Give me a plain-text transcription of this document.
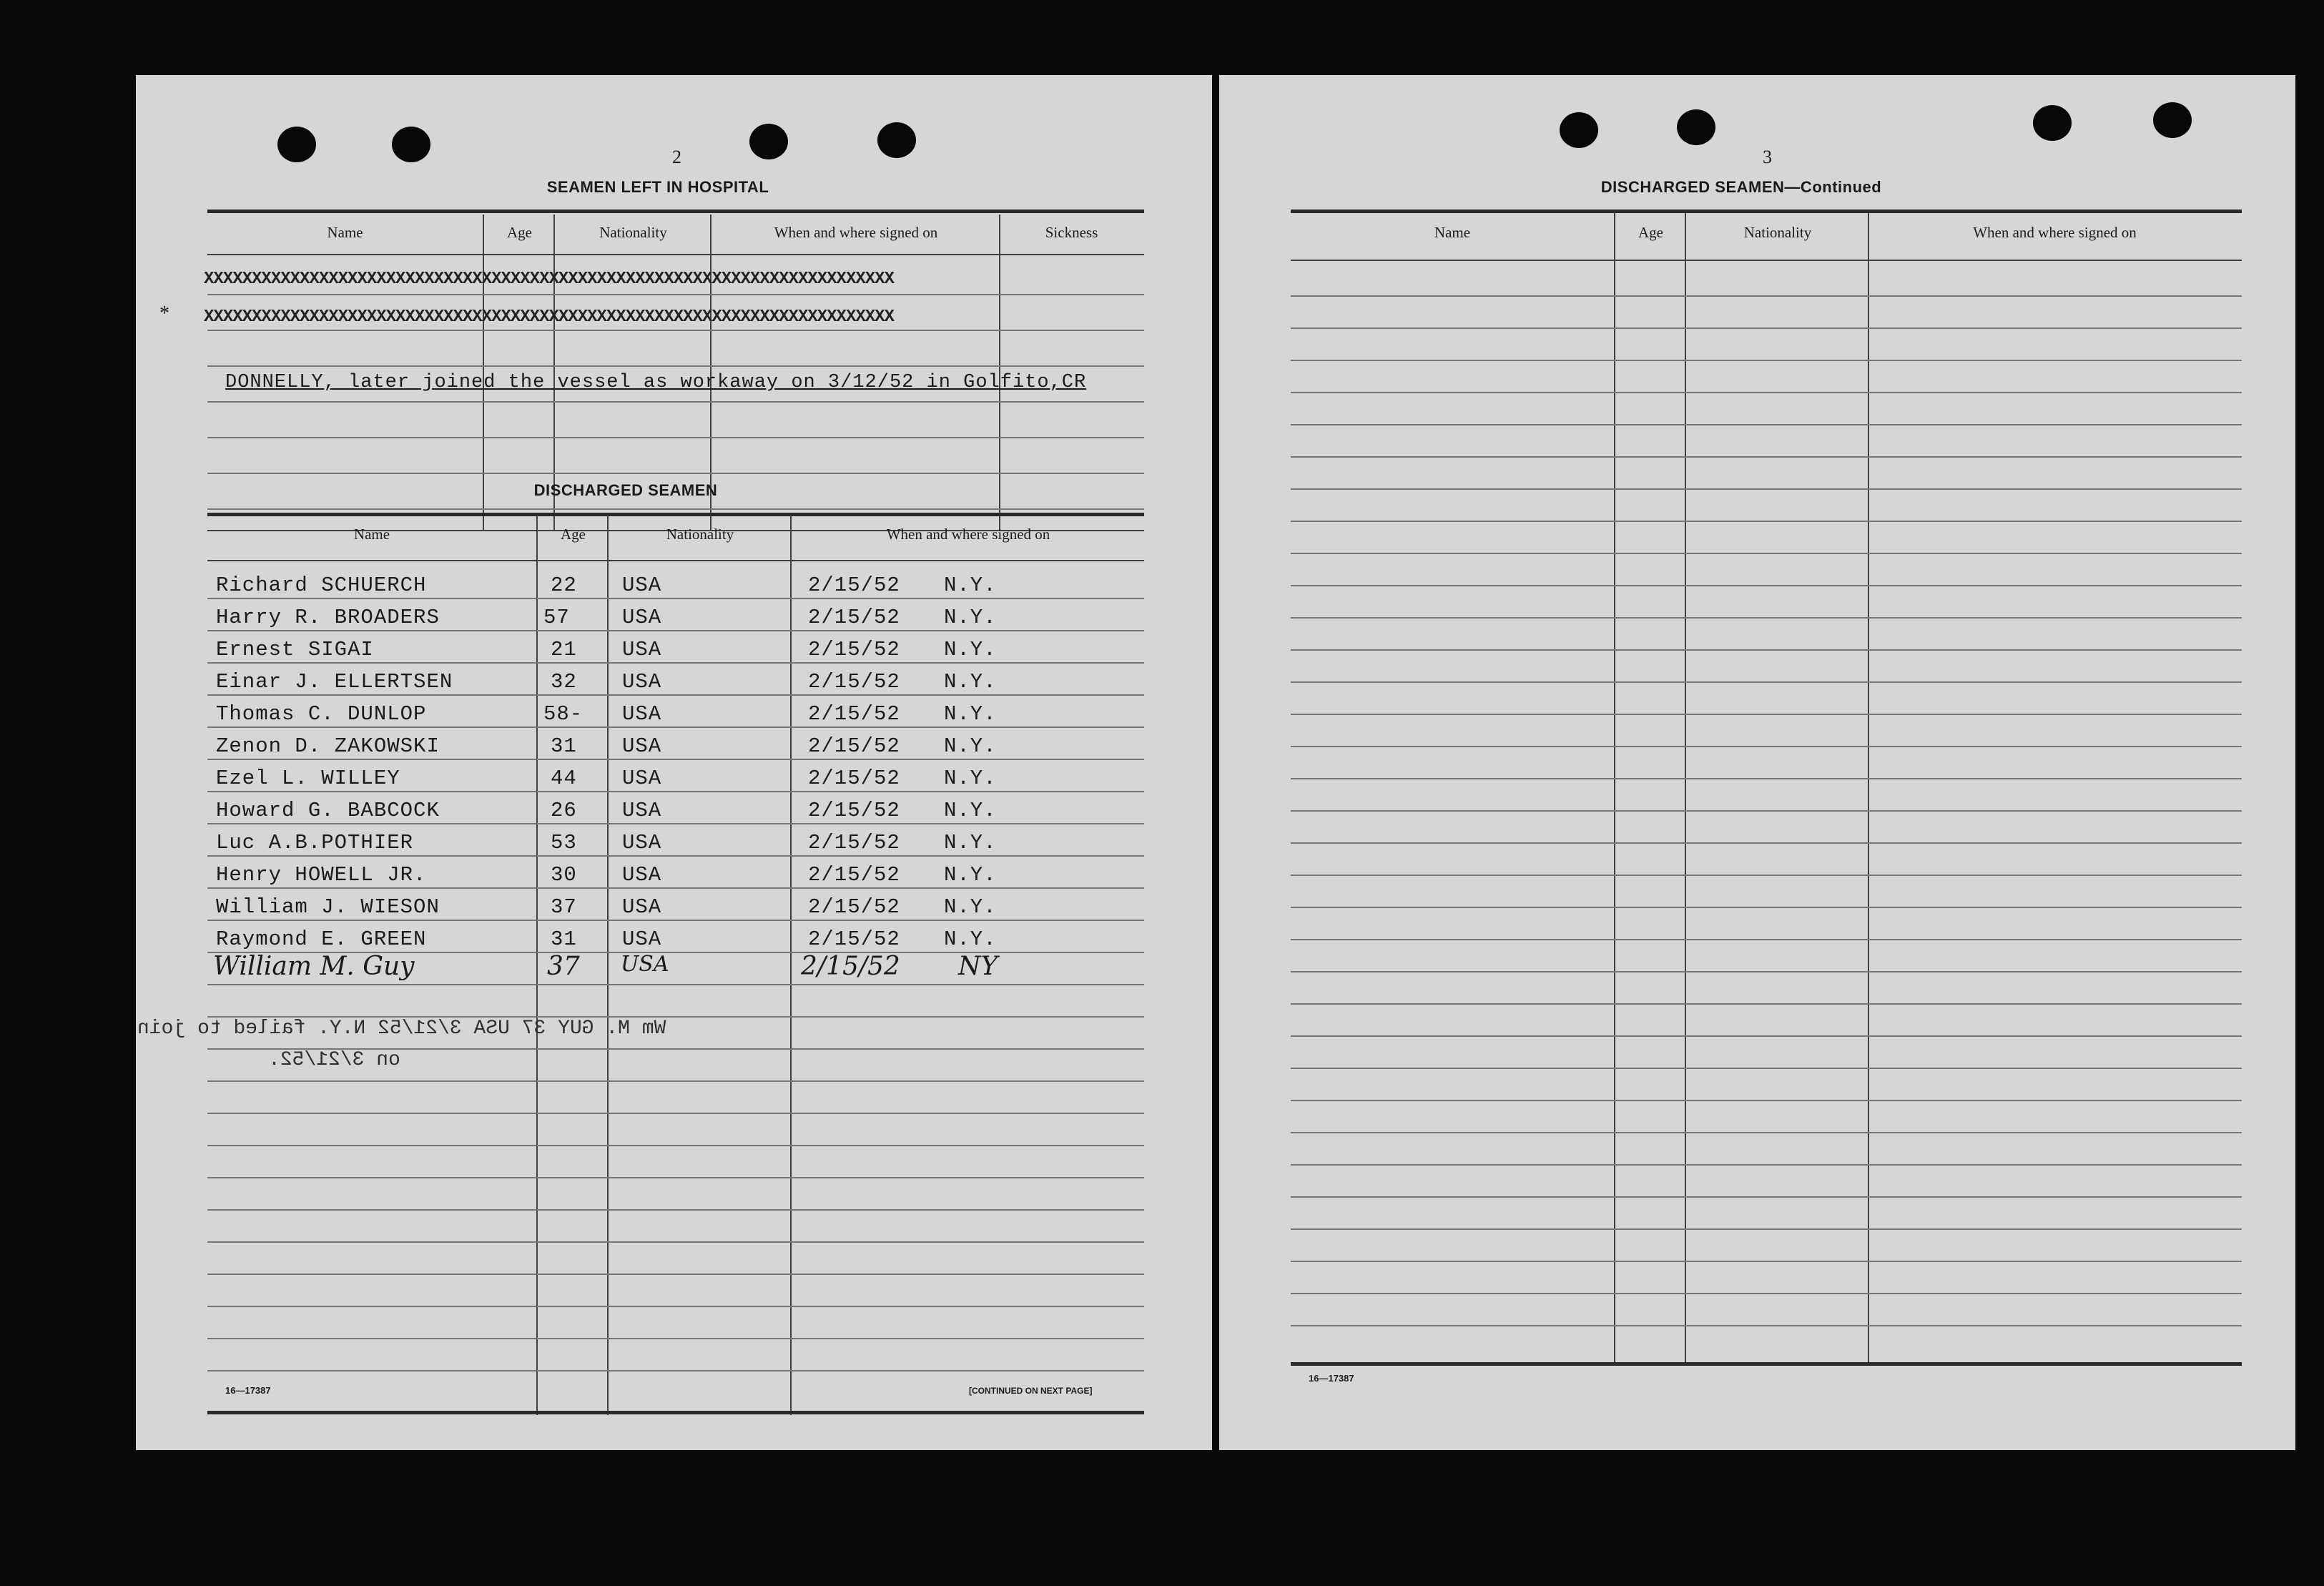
2
SEAMEN LEFT IN HOSPITAL
Name	Age	Nationality	When and where signed on	Sickness
XXXXXXXXXXXXXXXXXXXXXXXXXXXXXXXXXXXXXXXXXXXXXXXXXXXXXXXXXXXXXXXXXXXXXXXX
XXXXXXXXXXXXXXXXXXXXXXXXXXXXXXXXXXXXXXXXXXXXXXXXXXXXXXXXXXXXXXXXXXXXXXXX
*
DONNELLY, later joined the vessel as workaway on 3/12/52 in Golfito,CR
DISCHARGED SEAMEN
Name	Age	Nationality	When and where signed on
Richard SCHUERCH	22 USA	2/15/52 N.Y.
Harry R. BROADERS	57	USA	2/15/52 N.Y.
Ernest SIGAI	21 USA	2/15/52 N.Y.
Einar J. ELLERTSEN	32 USA	2/15/52 N.Y.
Thomas C. DUNLOP	58- USA	2/15/52 N.Y.
Zenon D. ZAKOWSKI	31 USA	2/15/52 N.Y.
Ezel L. WILLEY	44 USA	2/15/52 N.Y.
Howard G. BABCOCK	26 USA	2/15/52 N.Y.
Luc A.B.POTHIER	53 USA	2/15/52 N.Y.
Henry HOWELL JR.	30 USA	2/15/52 N.Y.
William J. WIESON	37 USA	2/15/52 N.Y.
Raymond E. GREEN	31 USA	2/15/52 N.Y.
William M. Guy	37 USA	2/15/52 NY
Wm M. GUY 37 USA 3/21/52 N.Y. failed to join
on 3/21/52.
16—17387	[CONTINUED ON NEXT PAGE]
3
DISCHARGED SEAMEN—Continued
Name	Age	Nationality	When and where signed on
16—17387
